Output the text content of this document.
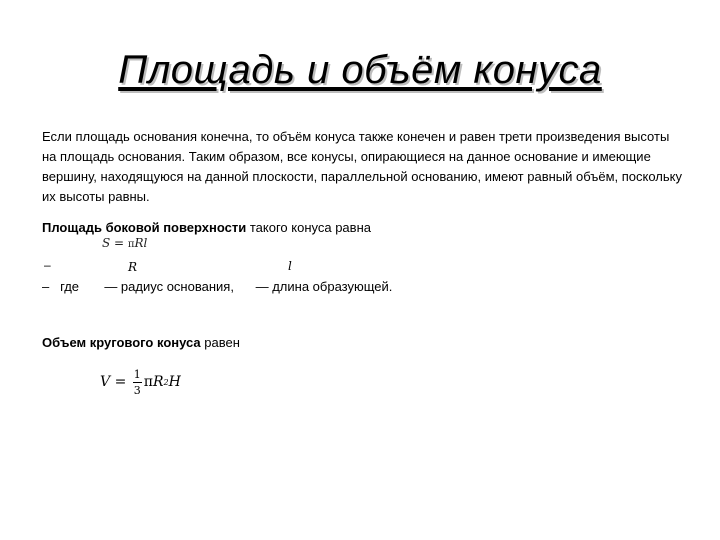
Площадь и объём конуса
Если площадь основания конечна, то объём конуса также конечен и равен трети произведения высоты на площадь основания. Таким образом, все конусы, опирающиеся на данное основание и имеющие вершину, находящуюся на данной плоскости, параллельной основанию, имеют равный объём, поскольку их высоты равны.
Площадь боковой поверхности такого конуса равна
S = πRl
–	R	l
–   где       — радиус основания,      — длина образующей.
Объем кругового конуса равен
$V = \frac{1}{3}$ π R 2 H
